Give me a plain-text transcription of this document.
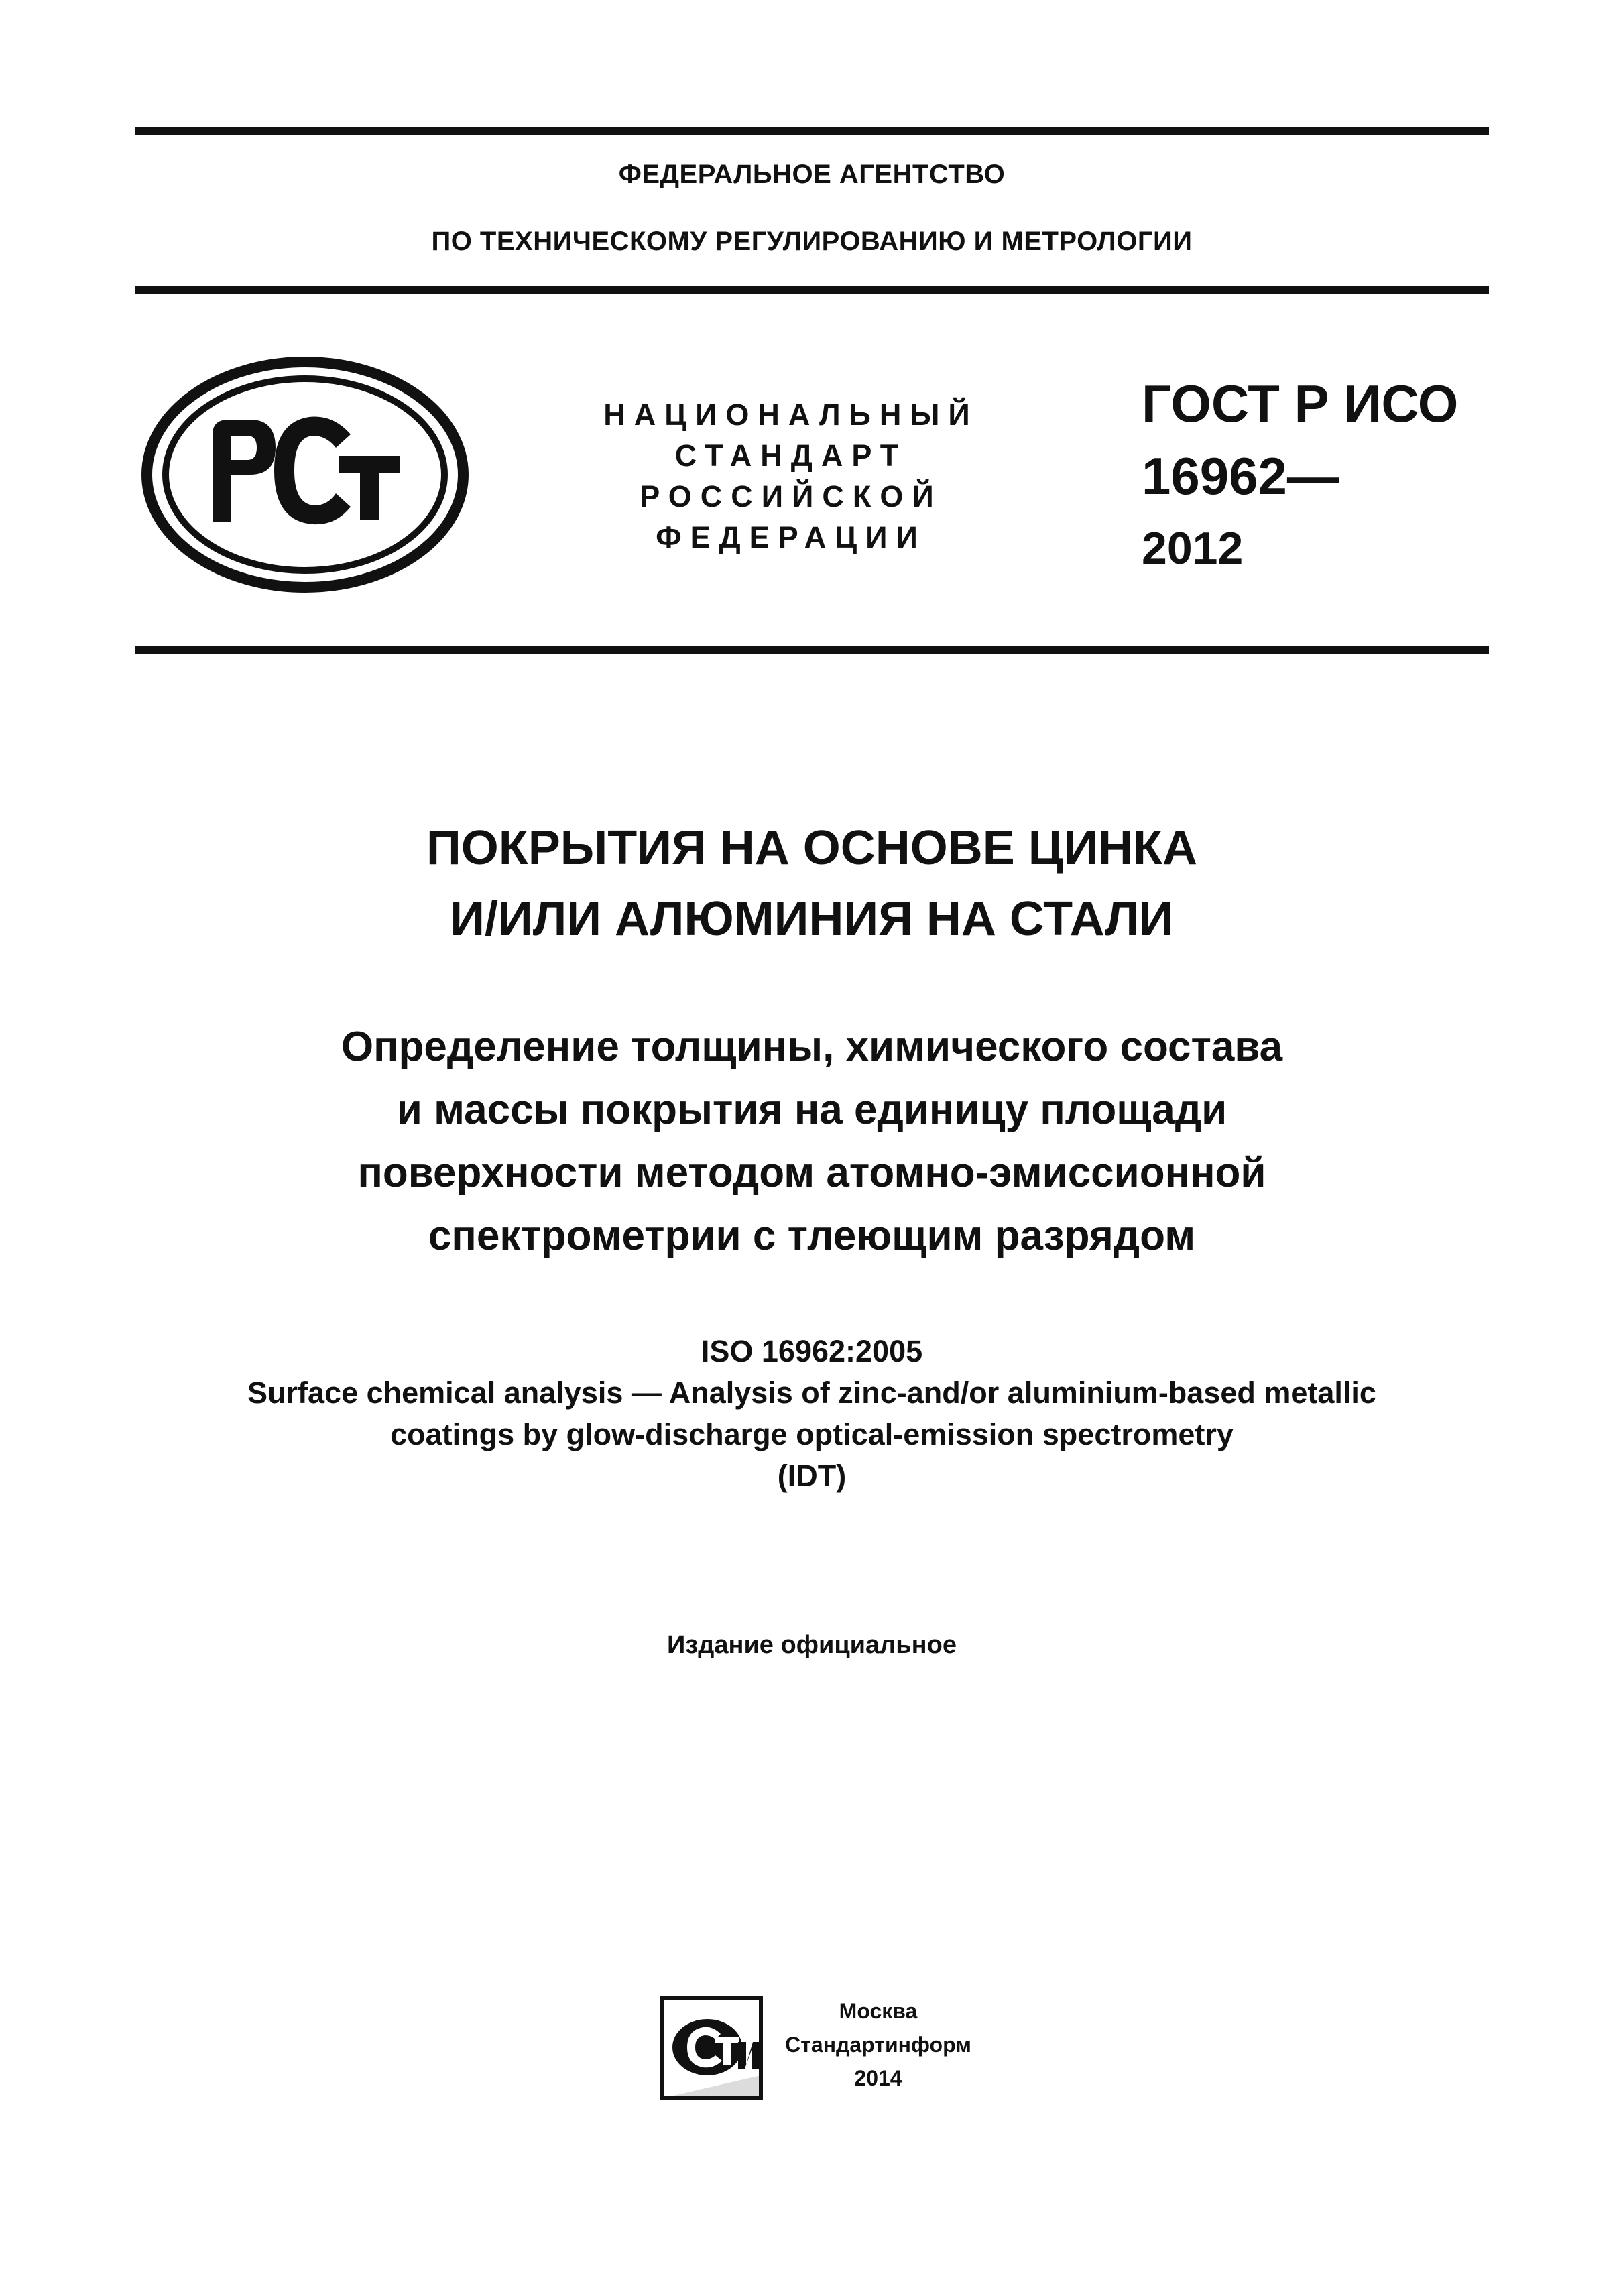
ФЕДЕРАЛЬНОЕ АГЕНТСТВО
ПО ТЕХНИЧЕСКОМУ РЕГУЛИРОВАНИЮ И МЕТРОЛОГИИ
НАЦИОНАЛЬНЫЙ
СТАНДАРТ
РОССИЙСКОЙ
ФЕДЕРАЦИИ
ГОСТ Р ИСО
16962—
2012
ПОКРЫТИЯ НА ОСНОВЕ ЦИНКА
И/ИЛИ АЛЮМИНИЯ НА СТАЛИ
Определение толщины, химического состава
и массы покрытия на единицу площади
поверхности методом атомно-эмиссионной
спектрометрии с тлеющим разрядом
ISO 16962:2005
Surface chemical analysis — Analysis of zinc-and/or aluminium-based metallic
coatings by glow-discharge optical-emission spectrometry
(IDT)
Издание официальное
Москва
Стандартинформ
2014
